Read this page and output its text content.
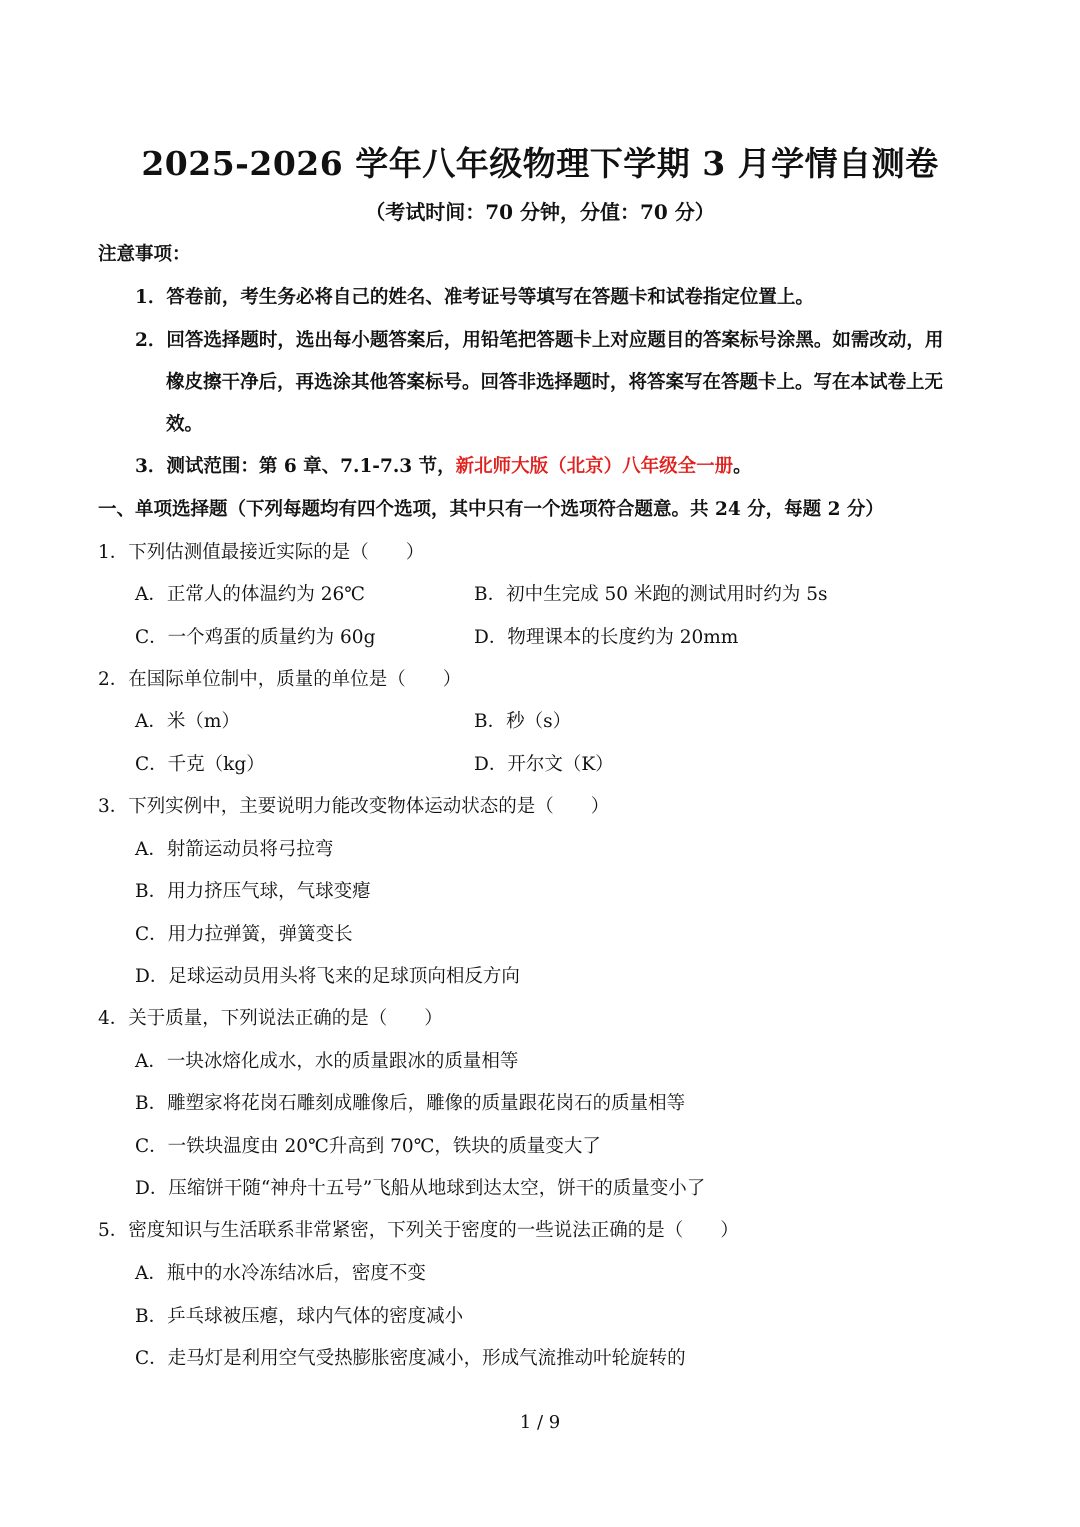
2025-2026 学年八年级物理下学期 3 月学情自测卷
（考试时间：70 分钟，分值：70 分）
注意事项：
1．答卷前，考生务必将自己的姓名、准考证号等填写在答题卡和试卷指定位置上。
2．回答选择题时，选出每小题答案后，用铅笔把答题卡上对应题目的答案标号涂黑。如需改动，用
橡皮擦干净后，再选涂其他答案标号。回答非选择题时，将答案写在答题卡上。写在本试卷上无
效。
3．测试范围：第 6 章、7.1-7.3 节，新北师大版（北京）八年级全一册。
一、单项选择题（下列每题均有四个选项，其中只有一个选项符合题意。共 24 分，每题 2 分）
1．下列估测值最接近实际的是（　　）
A．正常人的体温约为 26℃	B．初中生完成 50 米跑的测试用时约为 5s
C．一个鸡蛋的质量约为 60g	D．物理课本的长度约为 20mm
2．在国际单位制中，质量的单位是（　　）
A．米（m）	B．秒（s）
C．千克（kg）	D．开尔文（K）
3．下列实例中，主要说明力能改变物体运动状态的是（　　）
A．射箭运动员将弓拉弯
B．用力挤压气球，气球变瘪
C．用力拉弹簧，弹簧变长
D．足球运动员用头将飞来的足球顶向相反方向
4．关于质量，下列说法正确的是（　　）
A．一块冰熔化成水，水的质量跟冰的质量相等
B．雕塑家将花岗石雕刻成雕像后，雕像的质量跟花岗石的质量相等
C．一铁块温度由 20℃升高到 70℃，铁块的质量变大了
D．压缩饼干随“神舟十五号”飞船从地球到达太空，饼干的质量变小了
5．密度知识与生活联系非常紧密，下列关于密度的一些说法正确的是（　　）
A．瓶中的水冷冻结冰后，密度不变
B．乒乓球被压瘪，球内气体的密度减小
C．走马灯是利用空气受热膨胀密度减小，形成气流推动叶轮旋转的
1 / 9
